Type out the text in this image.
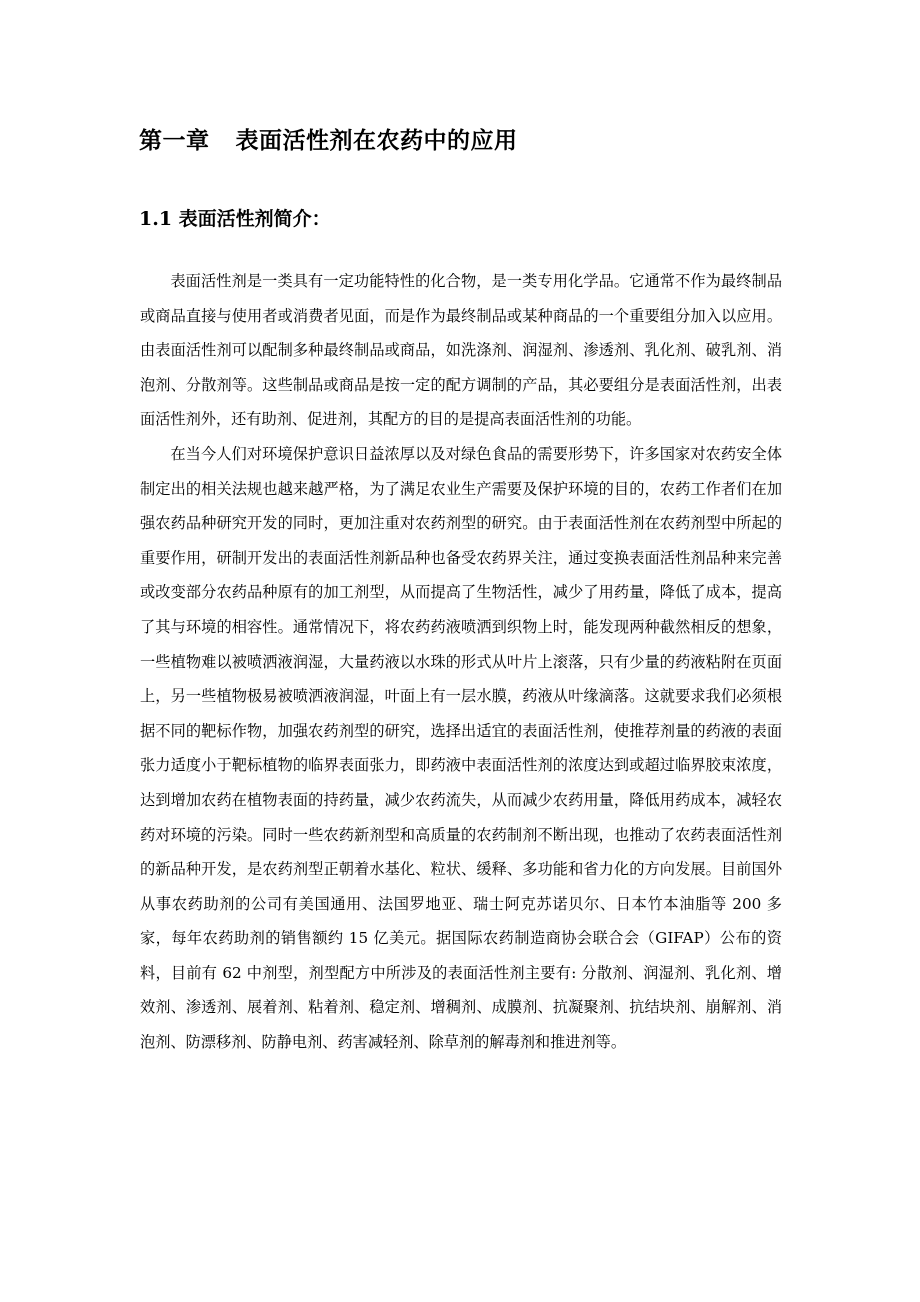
第一章 表面活性剂在农药中的应用
1.1 表面活性剂简介：

表面活性剂是一类具有一定功能特性的化合物，是一类专用化学品。它通常不作为最终制品或商品直接与使用者或消费者见面，而是作为最终制品或某种商品的一个重要组分加入以应用。由表面活性剂可以配制多种最终制品或商品，如洗涤剂、润湿剂、渗透剂、乳化剂、破乳剂、消泡剂、分散剂等。这些制品或商品是按一定的配方调制的产品，其必要组分是表面活性剂，出表面活性剂外，还有助剂、促进剂，其配方的目的是提高表面活性剂的功能。

在当今人们对环境保护意识日益浓厚以及对绿色食品的需要形势下，许多国家对农药安全体制定出的相关法规也越来越严格，为了满足农业生产需要及保护环境的目的，农药工作者们在加强农药品种研究开发的同时，更加注重对农药剂型的研究。由于表面活性剂在农药剂型中所起的重要作用，研制开发出的表面活性剂新品种也备受农药界关注，通过变换表面活性剂品种来完善或改变部分农药品种原有的加工剂型，从而提高了生物活性，减少了用药量，降低了成本，提高了其与环境的相容性。通常情况下，将农药药液喷洒到织物上时，能发现两种截然相反的想象，一些植物难以被喷洒液润湿，大量药液以水珠的形式从叶片上滚落，只有少量的药液粘附在页面上，另一些植物极易被喷洒液润湿，叶面上有一层水膜，药液从叶缘滴落。这就要求我们必须根据不同的靶标作物，加强农药剂型的研究，选择出适宜的表面活性剂，使推荐剂量的药液的表面张力适度小于靶标植物的临界表面张力，即药液中表面活性剂的浓度达到或超过临界胶束浓度，达到增加农药在植物表面的持药量，减少农药流失，从而减少农药用量，降低用药成本，减轻农药对环境的污染。同时一些农药新剂型和高质量的农药制剂不断出现，也推动了农药表面活性剂的新品种开发，是农药剂型正朝着水基化、粒状、缓释、多功能和省力化的方向发展。目前国外从事农药助剂的公司有美国通用、法国罗地亚、瑞士阿克苏诺贝尔、日本竹本油脂等 200 多家，每年农药助剂的销售额约 15 亿美元。据国际农药制造商协会联合会（GIFAP）公布的资料，目前有 62 中剂型，剂型配方中所涉及的表面活性剂主要有: 分散剂、润湿剂、乳化剂、增效剂、渗透剂、展着剂、粘着剂、稳定剂、增稠剂、成膜剂、抗凝聚剂、抗结块剂、崩解剂、消泡剂、防漂移剂、防静电剂、药害减轻剂、除草剂的解毒剂和推进剂等。
